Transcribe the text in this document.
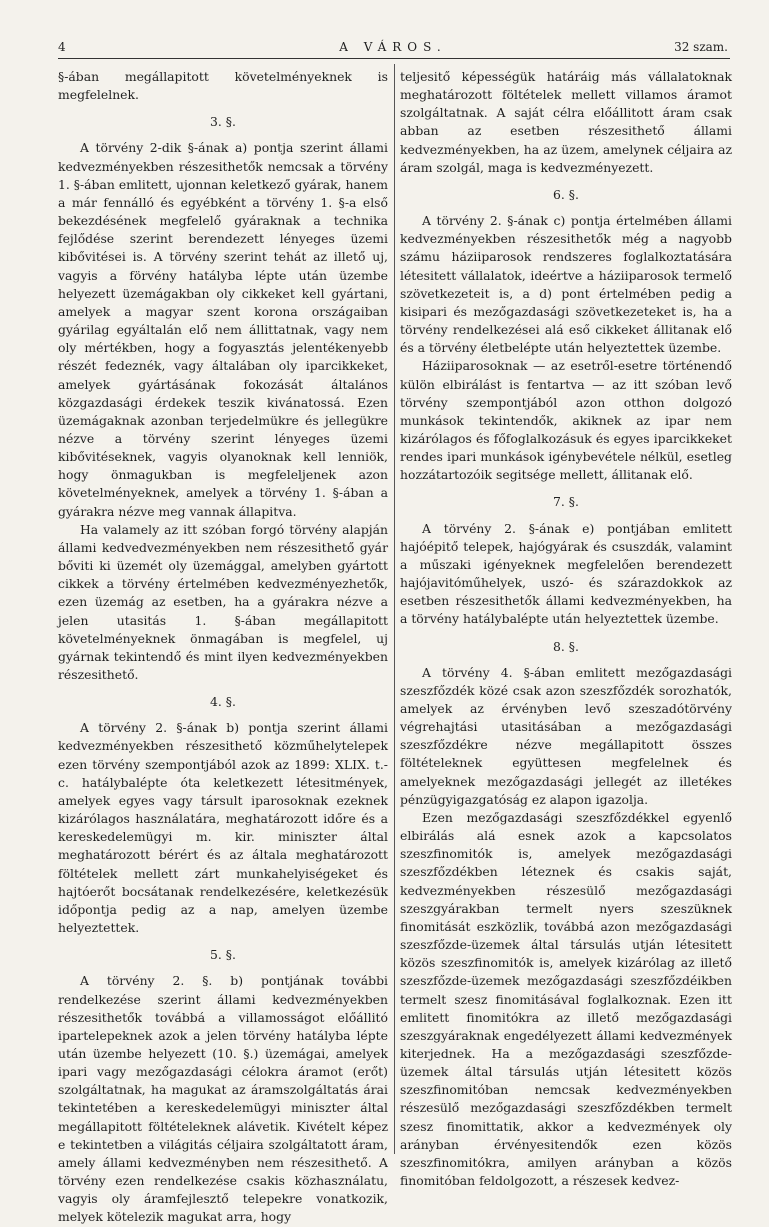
4	A VÁROS.	32 szam.

§-ában megállapitott követelményeknek is megfelelnek.

3. §.

A törvény 2-dik §-ának a) pontja szerint állami kedvezményekben részesithetők nemcsak a törvény 1. §-ában emlitett, ujonnan keletkező gyárak, hanem a már fennálló és egyébként a törvény 1. §-a első bekezdésének megfelelő gyáraknak a technika fejlődése szerint berendezett lényeges üzemi kibővitései is. A törvény szerint tehát az illető uj, vagyis a förvény hatályba lépte után üzembe helyezett üzemágakban oly cikkeket kell gyártani, amelyek a magyar szent korona országaiban gyárilag egyáltalán elő nem állittatnak, vagy nem oly mértékben, hogy a fogyasztás jelentékenyebb részét fedeznék, vagy általában oly iparcikkeket, amelyek gyártásának fokozását általános közgazdasági érdekek teszik kivánatossá. Ezen üzemágaknak azonban terjedelmükre és jellegükre nézve a törvény szerint lényeges üzemi kibővitéseknek, vagyis olyanoknak kell lenniök, hogy önmagukban is megfeleljenek azon követelményeknek, amelyek a törvény 1. §-ában a gyárakra nézve meg vannak állapitva.

Ha valamely az itt szóban forgó törvény alapján állami kedvedvezményekben nem részesithető gyár bőviti ki üzemét oly üzemággal, amelyben gyártott cikkek a törvény értelmében kedvezményezhetők, ezen üzemág az esetben, ha a gyárakra nézve a jelen utasitás 1. §-ában megállapitott követelményeknek önmagában is megfelel, uj gyárnak tekintendő és mint ilyen kedvezményekben részesithető.

4. §.

A törvény 2. §-ának b) pontja szerint állami kedvezményekben részesithető közműhelytelepek ezen törvény szempontjából azok az 1899: XLIX. t.-c. hatálybalépte óta keletkezett létesitmények, amelyek egyes vagy társult iparosoknak ezeknek kizárólagos használatára, meghatározott időre és a kereskedelemügyi m. kir. miniszter által meghatározott bérért és az általa meghatározott föltételek mellett zárt munkahelyiségeket és hajtóerőt bocsátanak rendelkezésére, keletkezésük időpontja pedig az a nap, amelyen üzembe helyeztettek.

5. §.

A törvény 2. §. b) pontjának további rendelkezése szerint állami kedvezményekben részesithetők továbbá a villamosságot előállitó ipartelepeknek azok a jelen törvény hatályba lépte után üzembe helyezett (10. §.) üzemágai, amelyek ipari vagy mezőgazdasági célokra áramot (erőt) szolgáltatnak, ha magukat az áramszolgáltatás árai tekintetében a kereskedelemügyi miniszter által megállapitott föltételeknek alávetik. Kivételt képez e tekintetben a világitás céljaira szolgáltatott áram, amely állami kedvezményben nem részesithető. A törvény ezen rendelkezése csakis közhasználatu, vagyis oly áramfejlesztő telepekre vonatkozik, melyek kötelezik magukat arra, hogy

teljesitő képességük határáig más vállalatoknak meghatározott föltételek mellett villamos áramot szolgáltatnak. A saját célra előállitott áram csak abban az esetben részesithető állami kedvezményekben, ha az üzem, amelynek céljaira az áram szolgál, maga is kedvezményezett.

6. §.

A törvény 2. §-ának c) pontja értelmében állami kedvezményekben részesithetők még a nagyobb számu háziiparosok rendszeres foglalkoztatására létesitett vállalatok, ideértve a háziiparosok termelő szövetkezeteit is, a d) pont értelmében pedig a kisipari és mezőgazdasági szövetkezeteket is, ha a törvény rendelkezései alá eső cikkeket állitanak elő és a törvény életbelépte után helyeztettek üzembe.

Háziiparosoknak — az esetről-esetre történendő külön elbirálást is fentartva — az itt szóban levő törvény szempontjából azon otthon dolgozó munkások tekintendők, akiknek az ipar nem kizárólagos és főfoglalkozásuk és egyes iparcikkeket rendes ipari munkások igénybevétele nélkül, esetleg hozzátartozóik segitsége mellett, állitanak elő.

7. §.

A törvény 2. §-ának e) pontjában emlitett hajóépitő telepek, hajógyárak és csuszdák, valamint a műszaki igényeknek megfelelően berendezett hajójavitóműhelyek, uszó- és szárazdokkok az esetben részesithetők állami kedvezményekben, ha a törvény hatálybalépte után helyeztettek üzembe.

8. §.

A törvény 4. §-ában emlitett mezőgazdasági szeszfőzdék közé csak azon szeszfőzdék sorozhatók, amelyek az érvényben levő szeszadótörvény végrehajtási utasitásában a mezőgazdasági szeszfőzdékre nézve megállapitott összes föltételeknek együttesen megfelelnek és amelyeknek mezőgazdasági jellegét az illetékes pénzügyigazgatóság ez alapon igazolja.

Ezen mezőgazdasági szeszfőzdékkel egyenlő elbirálás alá esnek azok a kapcsolatos szeszfinomitók is, amelyek mezőgazdasági szeszfőzdékben léteznek és csakis saját, kedvezményekben részesülő mezőgazdasági szeszgyárakban termelt nyers szeszüknek finomitását eszközlik, továbbá azon mezőgazdasági szeszfőzde-üzemek által társulás utján létesitett közös szeszfinomitók is, amelyek kizárólag az illető szeszfőzde-üzemek mezőgazdasági szeszfőzdéikben termelt szesz finomitásával foglalkoznak. Ezen itt emlitett finomitókra az illető mezőgazdasági szeszgyáraknak engedélyezett állami kedvezmények kiterjednek. Ha a mezőgazdasági szeszfőzde-üzemek által társulás utján létesitett közös szeszfinomitóban nemcsak kedvezményekben részesülő mezőgazdasági szeszfőzdékben termelt szesz finomittatik, akkor a kedvezmények oly arányban érvényesitendők ezen közös szeszfinomitókra, amilyen arányban a közös finomitóban feldolgozott, a részesek kedvez-
